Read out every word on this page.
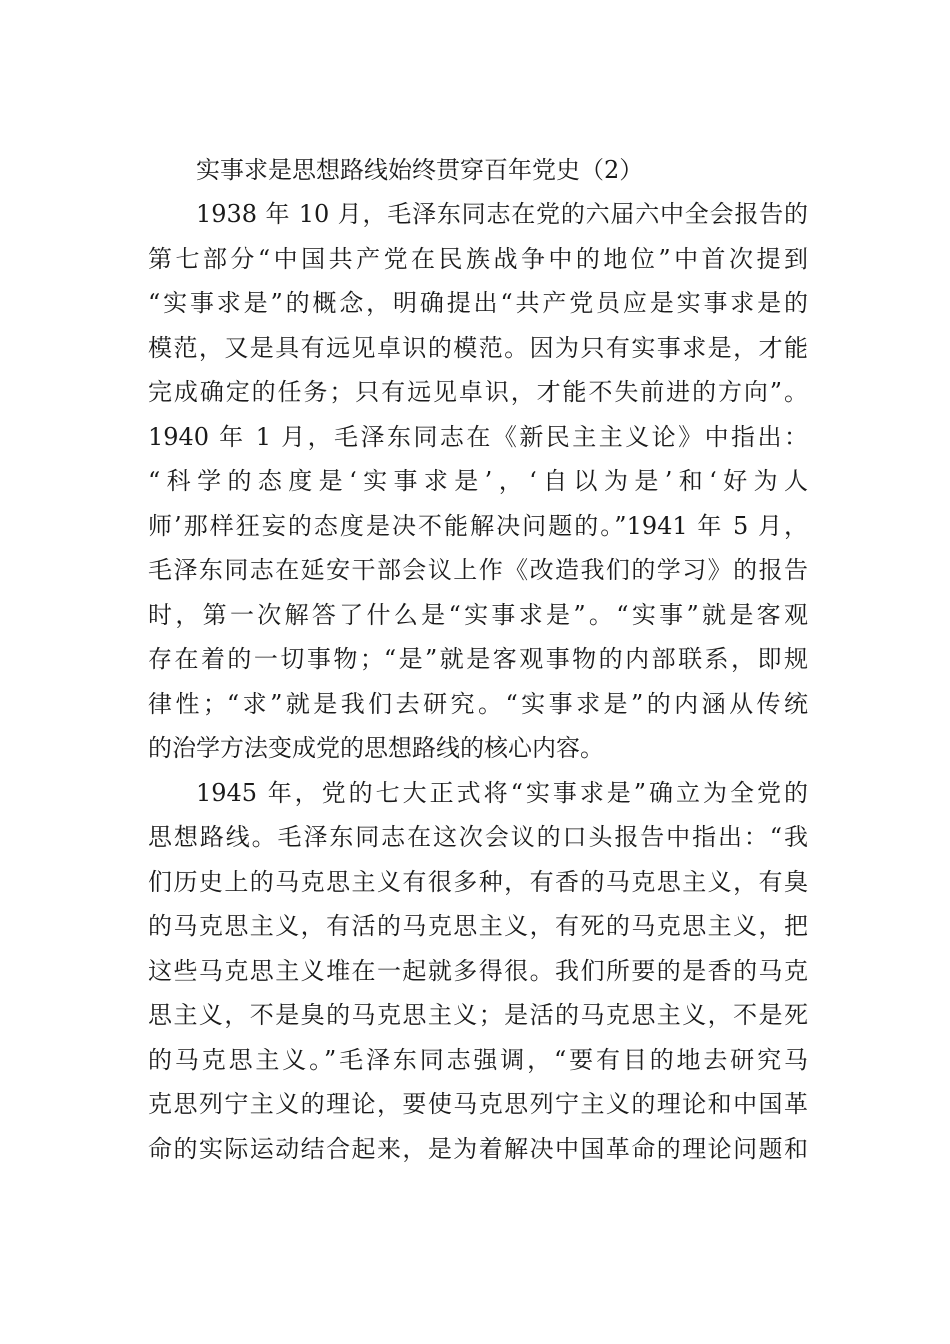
实事求是思想路线始终贯穿百年党史（2）

1938 年 10 月，毛泽东同志在党的六届六中全会报告的
第七部分“中国共产党在民族战争中的地位”中首次提到
“实事求是”的概念，明确提出“共产党员应是实事求是的
模范，又是具有远见卓识的模范。因为只有实事求是，才能
完成确定的任务；只有远见卓识，才能不失前进的方向”。
1940 年 1 月，毛泽东同志在《新民主主义论》中指出：
“科学的态度是‘实事求是’，‘自以为是’和‘好为人
师’那样狂妄的态度是决不能解决问题的。”1941 年 5 月，
毛泽东同志在延安干部会议上作《改造我们的学习》的报告
时，第一次解答了什么是“实事求是”。“实事”就是客观
存在着的一切事物；“是”就是客观事物的内部联系，即规
律性；“求”就是我们去研究。“实事求是”的内涵从传统
的治学方法变成党的思想路线的核心内容。

1945 年，党的七大正式将“实事求是”确立为全党的
思想路线。毛泽东同志在这次会议的口头报告中指出：“我
们历史上的马克思主义有很多种，有香的马克思主义，有臭
的马克思主义，有活的马克思主义，有死的马克思主义，把
这些马克思主义堆在一起就多得很。我们所要的是香的马克
思主义，不是臭的马克思主义；是活的马克思主义，不是死
的马克思主义。”毛泽东同志强调，“要有目的地去研究马
克思列宁主义的理论，要使马克思列宁主义的理论和中国革
命的实际运动结合起来，是为着解决中国革命的理论问题和
